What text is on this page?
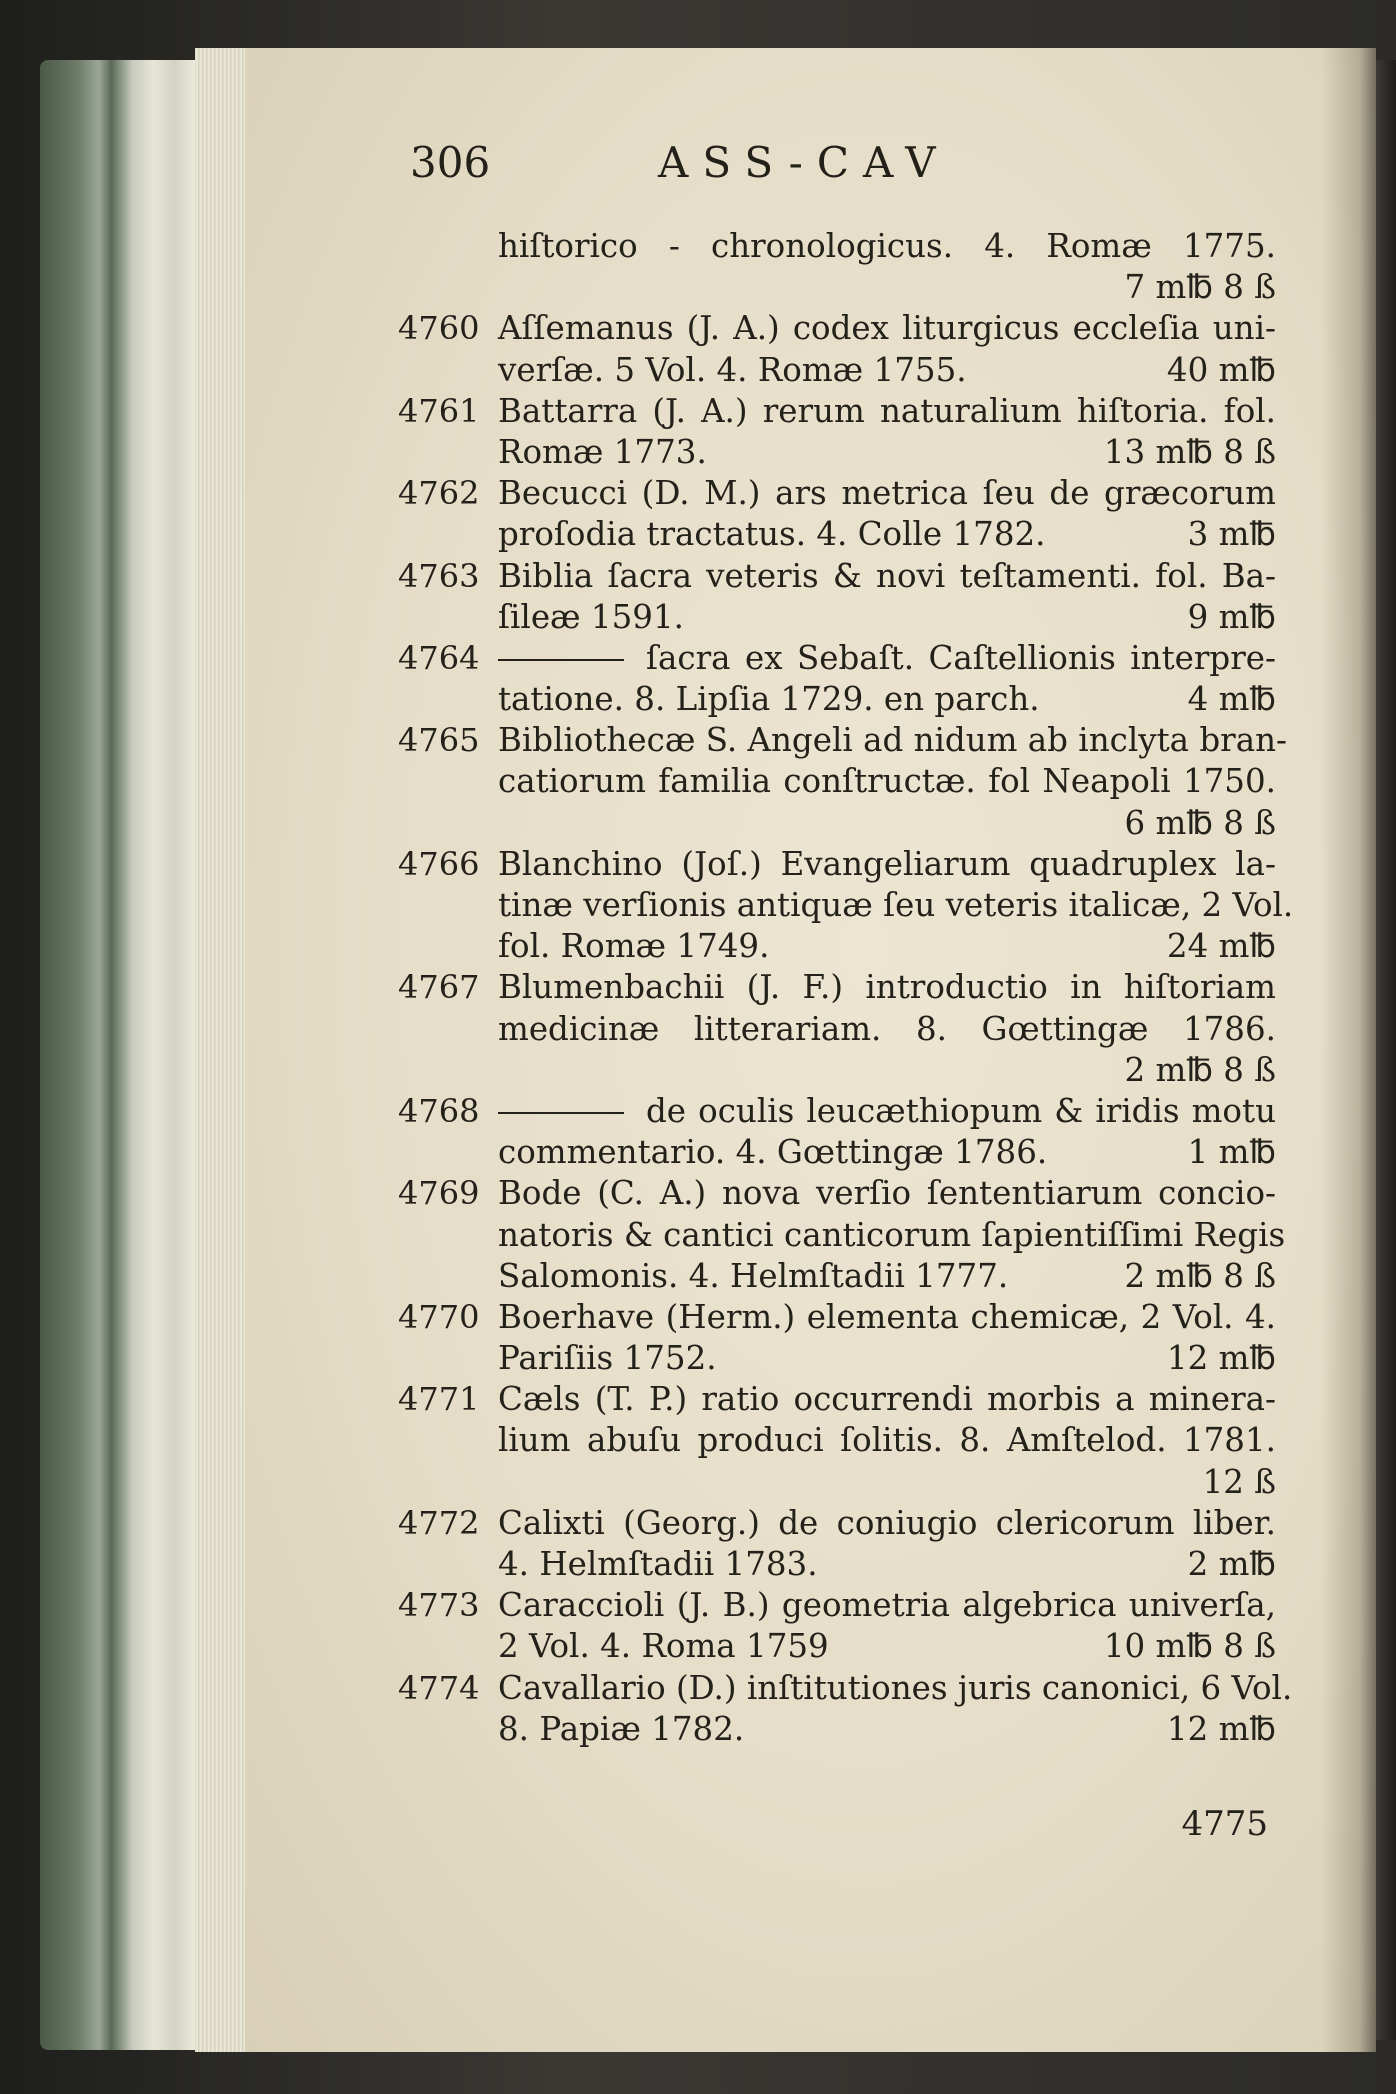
306	ASS-CAV
hiſtorico - chronologicus. 4. Romæ 1775.
7 m℔ 8 ß
4760 Aſſemanus (J. A.) codex liturgicus eccleſia uni-
verſæ. 5 Vol. 4. Romæ 1755.	40 m℔
4761 Battarra (J. A.) rerum naturalium hiſtoria. fol.
Romæ 1773.	13 m℔ 8 ß
4762 Becucci (D. M.) ars metrica ſeu de græcorum
proſodia tractatus. 4. Colle 1782.	3 m℔
4763 Biblia ſacra veteris & novi teſtamenti. fol. Ba-
ſileæ 1591.	9 m℔
4764	ſacra ex Sebaſt. Caſtellionis interpre-
tatione. 8. Lipſia 1729. en parch.	4 m℔
4765 Bibliothecæ S. Angeli ad nidum ab inclyta bran-
catiorum familia conſtructæ. fol Neapoli 1750.
6 m℔ 8 ß
4766 Blanchino (Joſ.) Evangeliarum quadruplex la-
tinæ verſionis antiquæ ſeu veteris italicæ, 2 Vol.
fol. Romæ 1749.	24 m℔
4767 Blumenbachii (J. F.) introductio in hiſtoriam
medicinæ litterariam. 8. Gœttingæ 1786.
2 m℔ 8 ß
4768	de oculis leucæthiopum & iridis motu
commentario. 4. Gœttingæ 1786.	1 m℔
4769 Bode (C. A.) nova verſio ſententiarum concio-
natoris & cantici canticorum ſapientiſſimi Regis
Salomonis. 4. Helmſtadii 1777.	2 m℔ 8 ß
4770 Boerhave (Herm.) elementa chemicæ, 2 Vol. 4.
Pariſiis 1752.	12 m℔
4771 Cæls (T. P.) ratio occurrendi morbis a minera-
lium abuſu produci ſolitis. 8. Amſtelod. 1781.
12 ß
4772 Calixti (Georg.) de coniugio clericorum liber.
4. Helmſtadii 1783.	2 m℔
4773 Caraccioli (J. B.) geometria algebrica univerſa,
2 Vol. 4. Roma 1759	10 m℔ 8 ß
4774 Cavallario (D.) inſtitutiones juris canonici, 6 Vol.
8. Papiæ 1782.	12 m℔
4775
